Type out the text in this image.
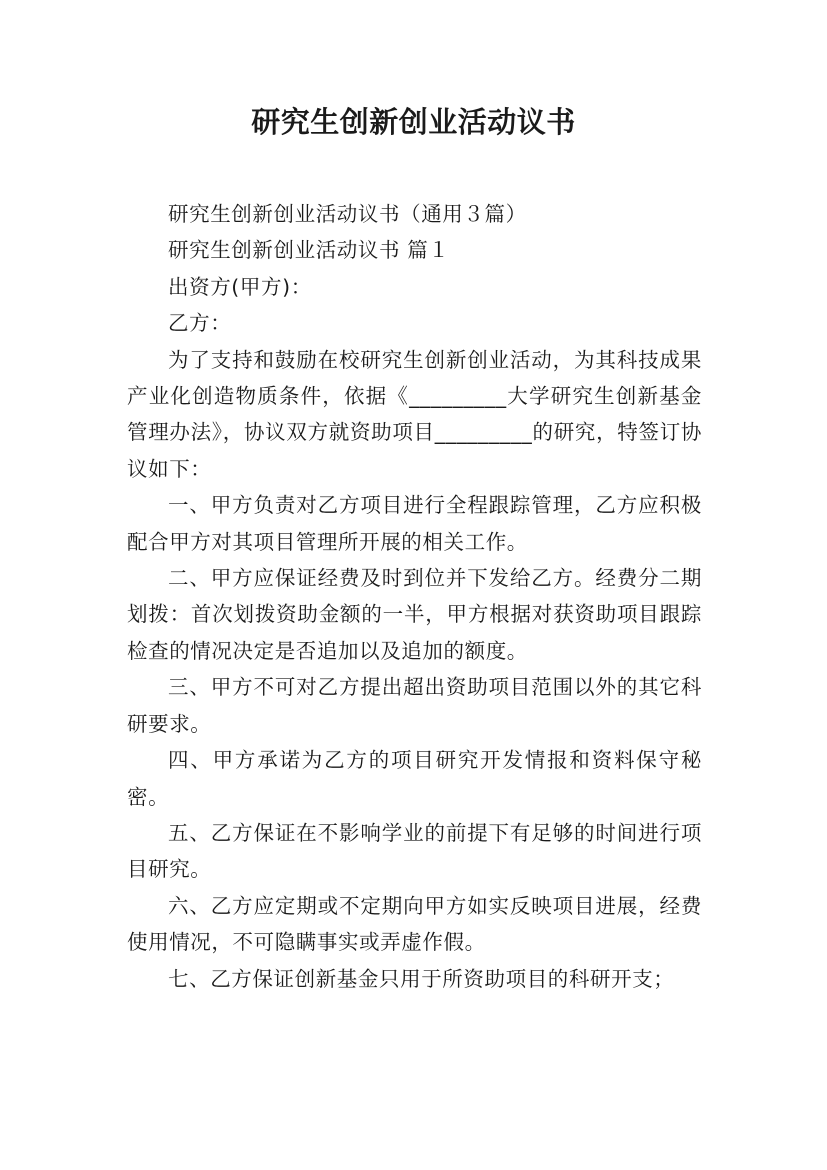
研究生创新创业活动议书

研究生创新创业活动议书（通用３篇）

研究生创新创业活动议书 篇１

出资方(甲方)：

乙方：

为了支持和鼓励在校研究生创新创业活动，为其科技成果产业化创造物质条件，依据《_________大学研究生创新基金管理办法》，协议双方就资助项目_________的研究，特签订协议如下：

一、甲方负责对乙方项目进行全程跟踪管理，乙方应积极配合甲方对其项目管理所开展的相关工作。

二、甲方应保证经费及时到位并下发给乙方。经费分二期划拨：首次划拨资助金额的一半，甲方根据对获资助项目跟踪检查的情况决定是否追加以及追加的额度。

三、甲方不可对乙方提出超出资助项目范围以外的其它科研要求。

四、甲方承诺为乙方的项目研究开发情报和资料保守秘密。

五、乙方保证在不影响学业的前提下有足够的时间进行项目研究。

六、乙方应定期或不定期向甲方如实反映项目进展，经费使用情况，不可隐瞒事实或弄虚作假。

七、乙方保证创新基金只用于所资助项目的科研开支；
